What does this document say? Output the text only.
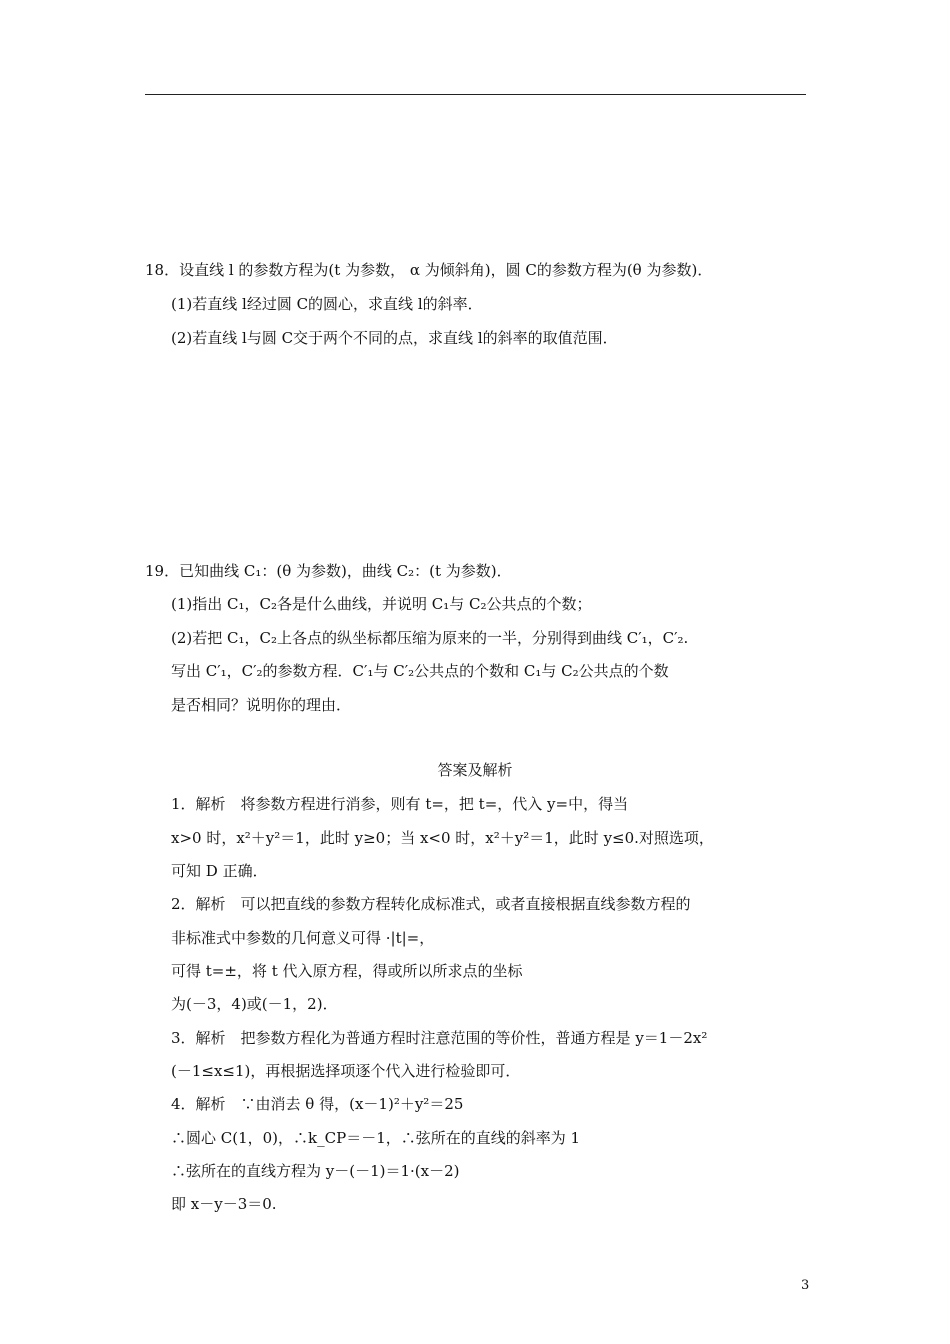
18．设直线 l 的参数方程为(t 为参数， α 为倾斜角)，圆 C的参数方程为(θ 为参数)．
(1)若直线 l经过圆 C的圆心，求直线 l的斜率．
(2)若直线 l与圆 C交于两个不同的点，求直线 l的斜率的取值范围．
19．已知曲线 C₁：(θ 为参数)，曲线 C₂：(t 为参数)．
(1)指出 C₁，C₂各是什么曲线，并说明 C₁与 C₂公共点的个数；
(2)若把 C₁，C₂上各点的纵坐标都压缩为原来的一半，分别得到曲线 C′₁，C′₂.
写出 C′₁，C′₂的参数方程．C′₁与 C′₂公共点的个数和 C₁与 C₂公共点的个数
是否相同？说明你的理由．
答案及解析
1．解析　将参数方程进行消参，则有 t=，把 t=，代入 y=中，得当
x>0 时，x²＋y²＝1，此时 y≥0；当 x<0 时，x²＋y²＝1，此时 y≤0.对照选项，
可知 D 正确．
2．解析　可以把直线的参数方程转化成标准式，或者直接根据直线参数方程的
非标准式中参数的几何意义可得 ·|t|=，
可得 t=±，将 t 代入原方程，得或所以所求点的坐标
为(－3，4)或(－1，2)．
3．解析　把参数方程化为普通方程时注意范围的等价性，普通方程是 y＝1－2x²
(－1≤x≤1)，再根据选择项逐个代入进行检验即可．
4．解析　∵由消去 θ 得，(x－1)²＋y²＝25
∴圆心 C(1，0)，∴k_CP＝－1，∴弦所在的直线的斜率为 1
∴弦所在的直线方程为 y－(－1)＝1·(x－2)
即 x－y－3＝0.
3
